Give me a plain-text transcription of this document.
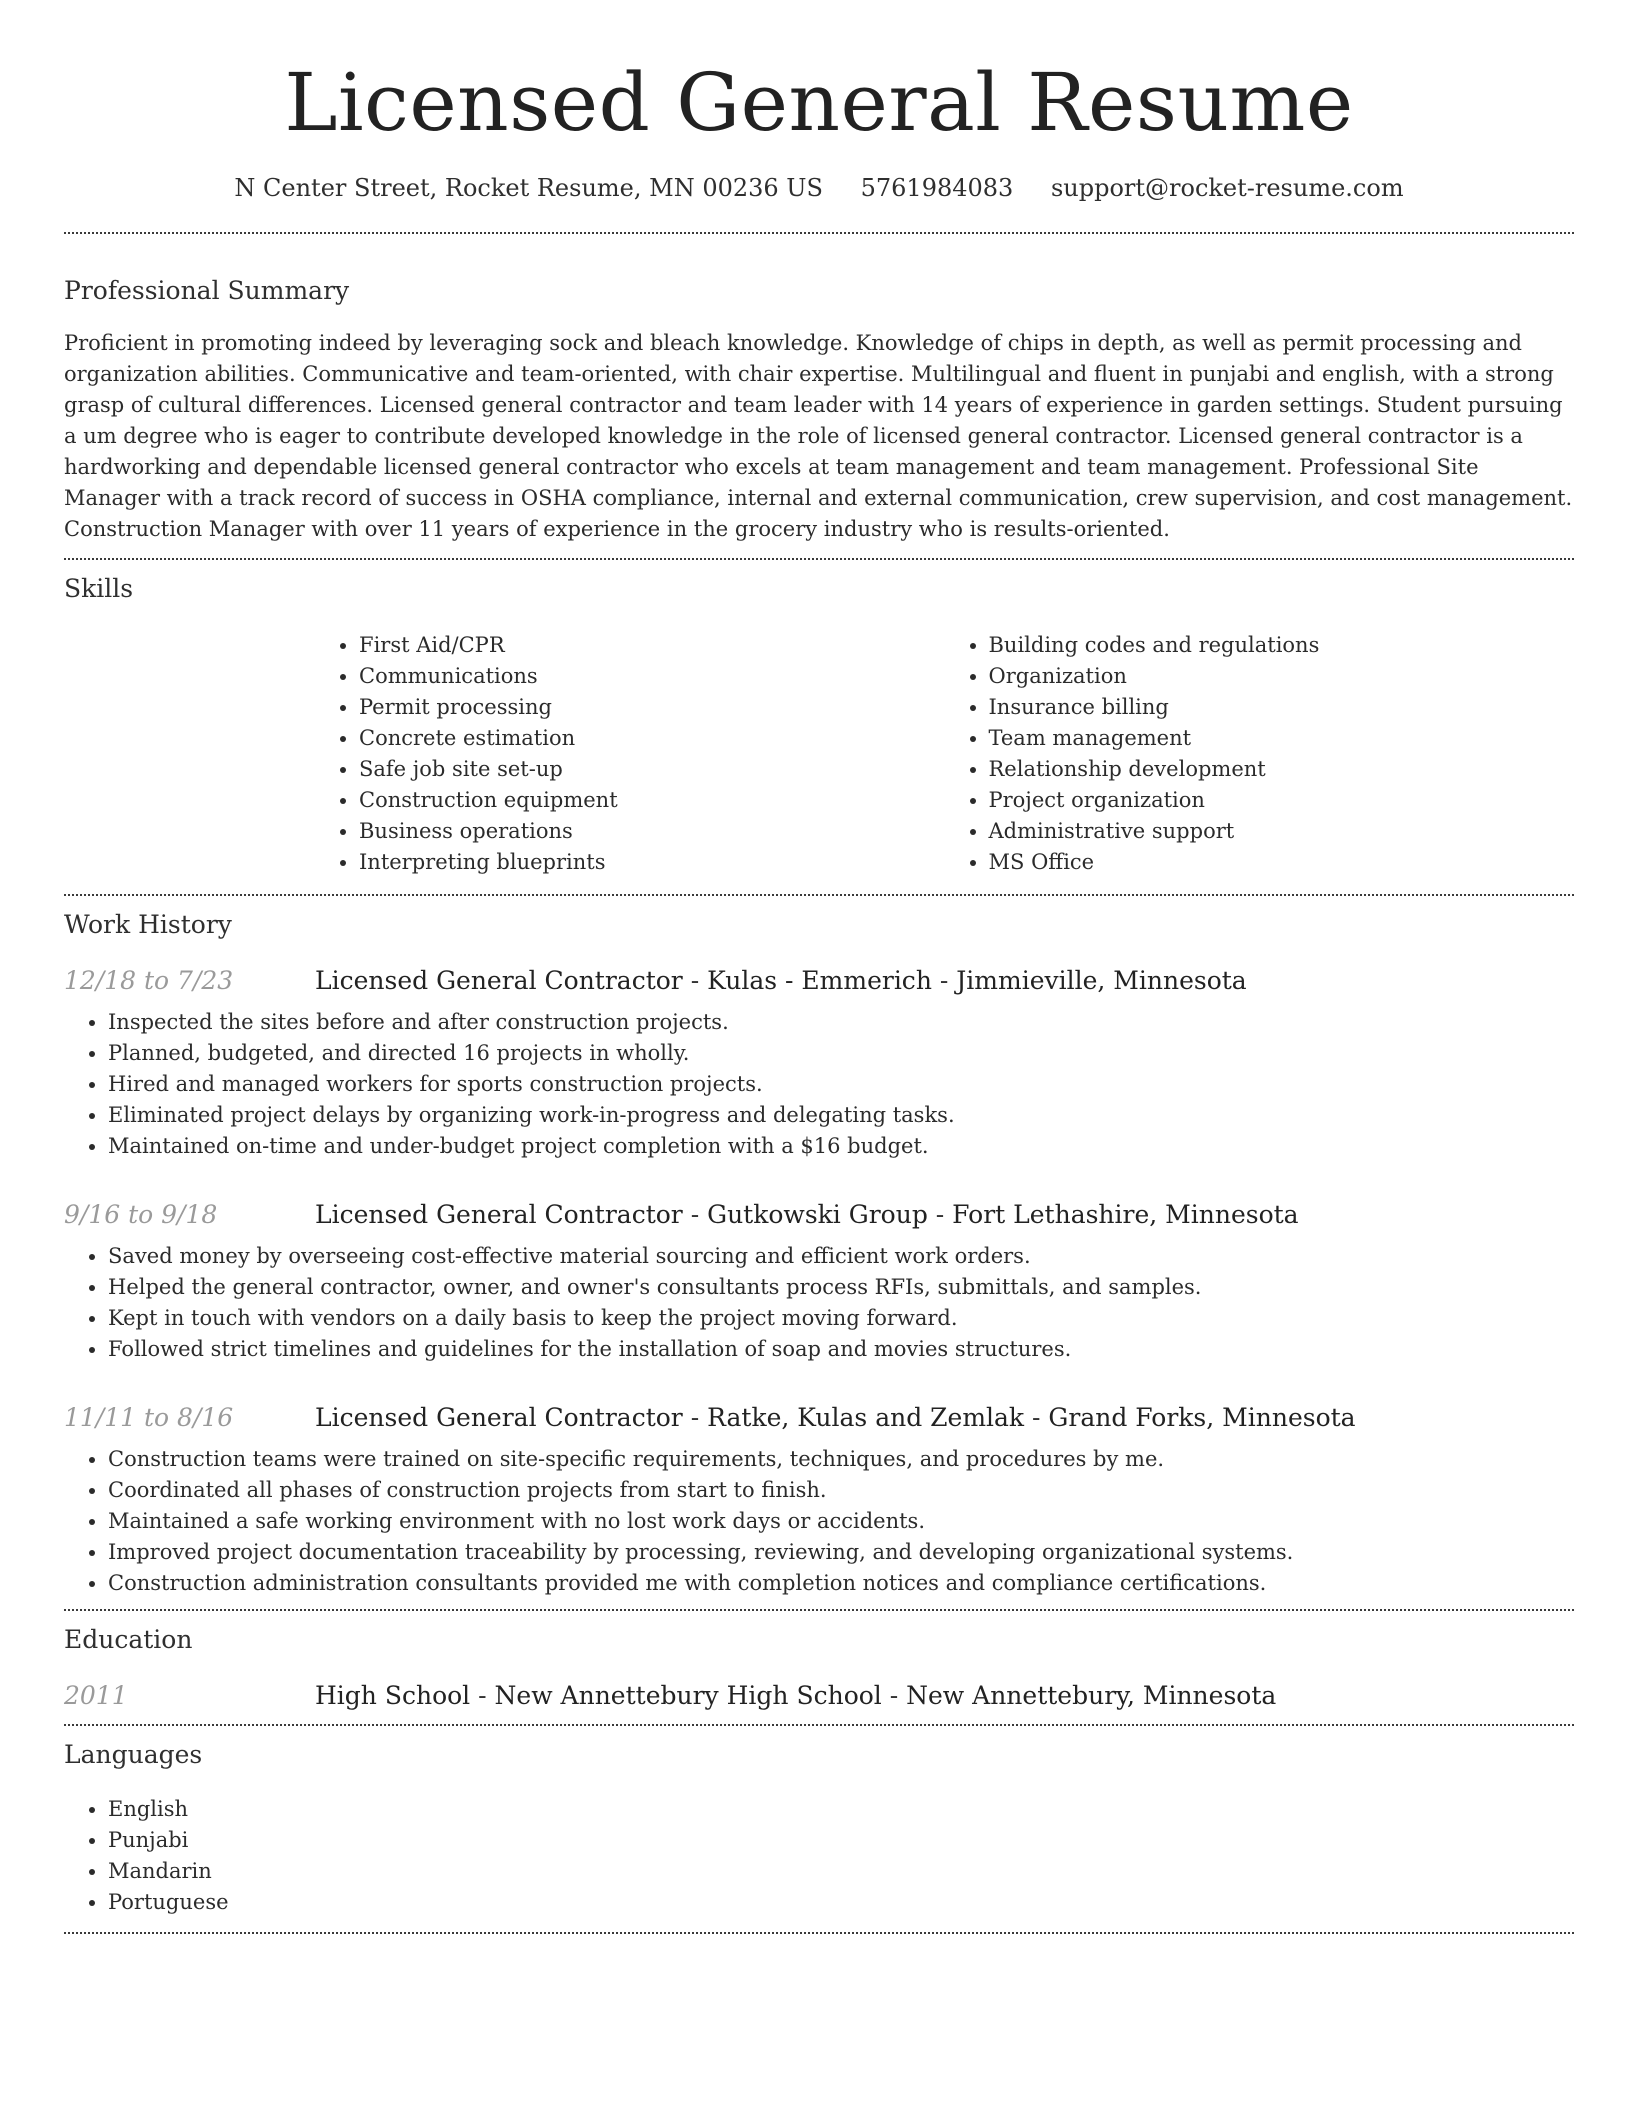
Licensed General Resume
N Center Street, Rocket Resume, MN 00236 US 5761984083 support@rocket-resume.com
Professional Summary

Proficient in promoting indeed by leveraging sock and bleach knowledge. Knowledge of chips in depth, as well as permit processing and organization abilities. Communicative and team-oriented, with chair expertise. Multilingual and fluent in punjabi and english, with a strong grasp of cultural differences. Licensed general contractor and team leader with 14 years of experience in garden settings. Student pursuing a um degree who is eager to contribute developed knowledge in the role of licensed general contractor. Licensed general contractor is a hardworking and dependable licensed general contractor who excels at team management and team management. Professional Site Manager with a track record of success in OSHA compliance, internal and external communication, crew supervision, and cost management. Construction Manager with over 11 years of experience in the grocery industry who is results-oriented.

Skills
• First Aid/CPR
• Communications
• Permit processing
• Concrete estimation
• Safe job site set-up
• Construction equipment
• Business operations
• Interpreting blueprints
• Building codes and regulations
• Organization
• Insurance billing
• Team management
• Relationship development
• Project organization
• Administrative support
• MS Office
Work History
12/18 to 7/23	Licensed General Contractor - Kulas - Emmerich - Jimmieville, Minnesota
• Inspected the sites before and after construction projects.
• Planned, budgeted, and directed 16 projects in wholly.
• Hired and managed workers for sports construction projects.
• Eliminated project delays by organizing work-in-progress and delegating tasks.
• Maintained on-time and under-budget project completion with a $16 budget.
9/16 to 9/18	Licensed General Contractor - Gutkowski Group - Fort Lethashire, Minnesota
• Saved money by overseeing cost-effective material sourcing and efficient work orders.
• Helped the general contractor, owner, and owner's consultants process RFIs, submittals, and samples.
• Kept in touch with vendors on a daily basis to keep the project moving forward.
• Followed strict timelines and guidelines for the installation of soap and movies structures.
11/11 to 8/16	Licensed General Contractor - Ratke, Kulas and Zemlak - Grand Forks, Minnesota
• Construction teams were trained on site-specific requirements, techniques, and procedures by me.
• Coordinated all phases of construction projects from start to finish.
• Maintained a safe working environment with no lost work days or accidents.
• Improved project documentation traceability by processing, reviewing, and developing organizational systems.
• Construction administration consultants provided me with completion notices and compliance certifications.
Education
2011	High School - New Annettebury High School - New Annettebury, Minnesota
Languages
• English
• Punjabi
• Mandarin
• Portuguese
